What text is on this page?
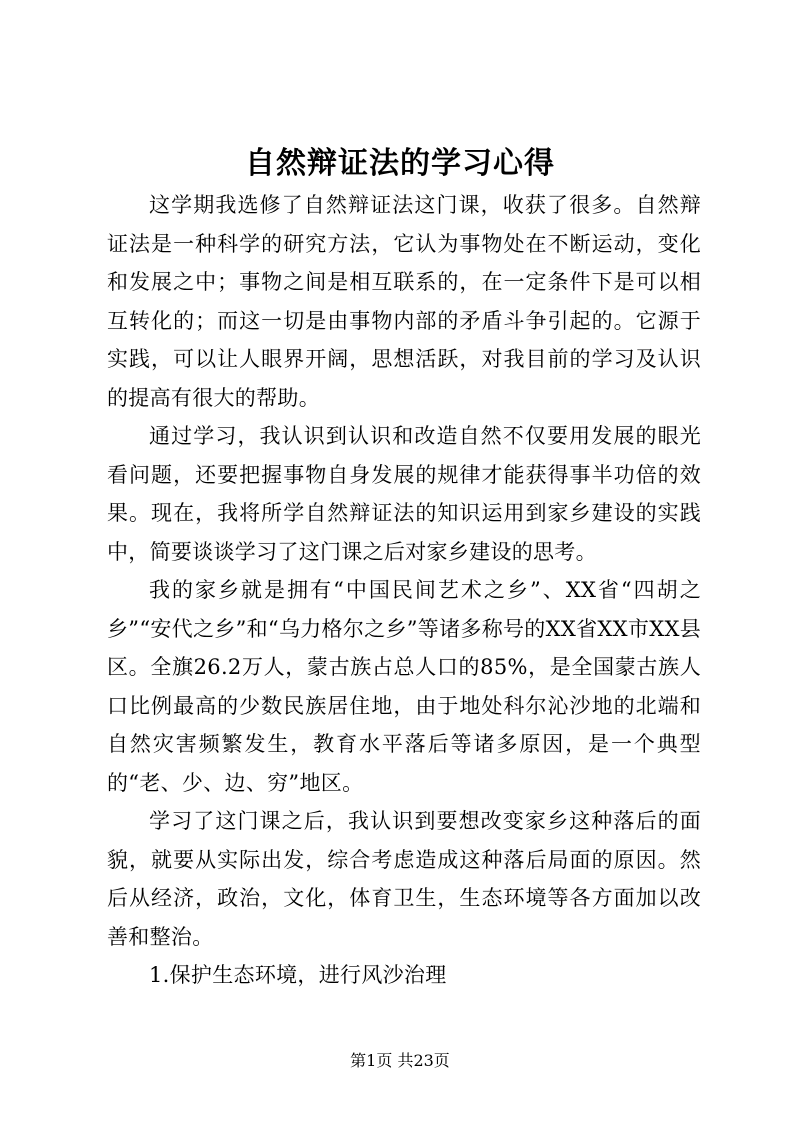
自然辩证法的学习心得

这学期我选修了自然辩证法这门课，收获了很多。自然辩证法是一种科学的研究方法，它认为事物处在不断运动，变化和发展之中；事物之间是相互联系的，在一定条件下是可以相互转化的；而这一切是由事物内部的矛盾斗争引起的。它源于实践，可以让人眼界开阔，思想活跃，对我目前的学习及认识的提高有很大的帮助。

通过学习，我认识到认识和改造自然不仅要用发展的眼光看问题，还要把握事物自身发展的规律才能获得事半功倍的效果。现在，我将所学自然辩证法的知识运用到家乡建设的实践中，简要谈谈学习了这门课之后对家乡建设的思考。

我的家乡就是拥有“中国民间艺术之乡”、XX省“四胡之乡”“安代之乡”和“乌力格尔之乡”等诸多称号的XX省XX市XX县区。全旗26.2万人，蒙古族占总人口的85%，是全国蒙古族人口比例最高的少数民族居住地，由于地处科尔沁沙地的北端和自然灾害频繁发生，教育水平落后等诸多原因，是一个典型的“老、少、边、穷”地区。

学习了这门课之后，我认识到要想改变家乡这种落后的面貌，就要从实际出发，综合考虑造成这种落后局面的原因。然后从经济，政治，文化，体育卫生，生态环境等各方面加以改善和整治。

1.保护生态环境，进行风沙治理

第1页 共23页
